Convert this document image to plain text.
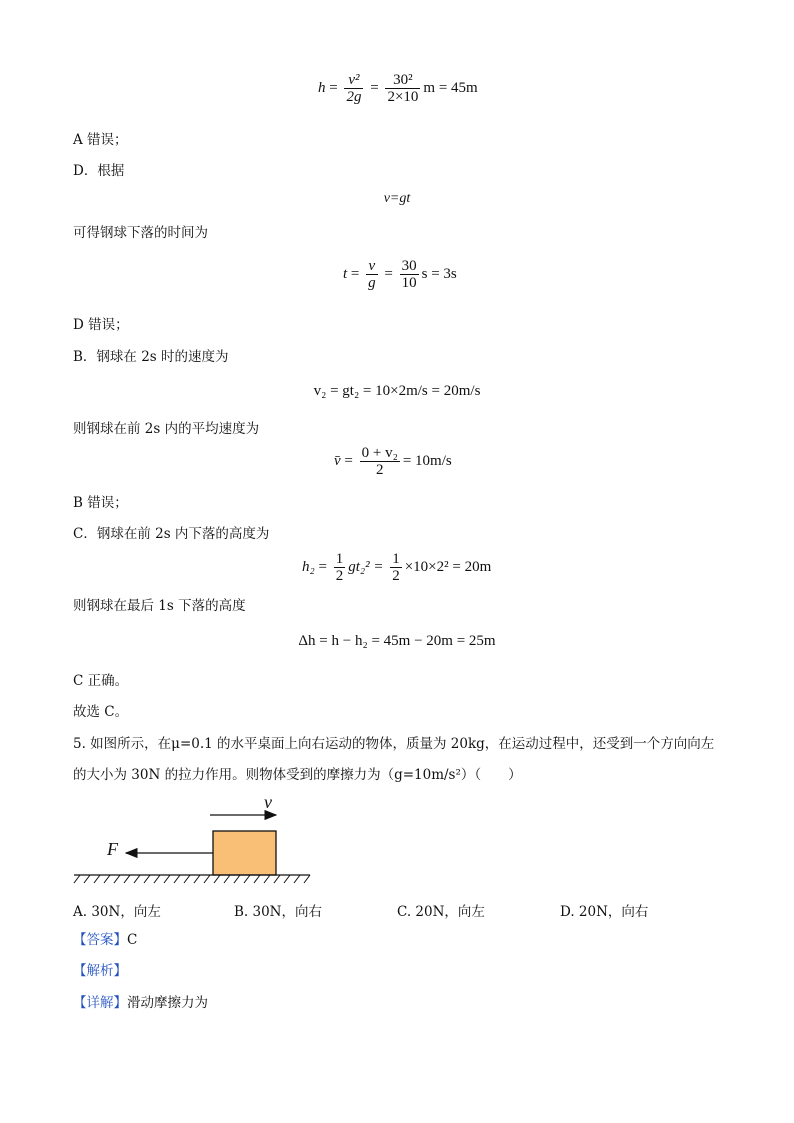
$h = \frac{\text{v²}}{2g} = \frac{\text{30²}}{2\times 10}$ m = 45m
A 错误；
D．根据
v=gt
可得钢球下落的时间为
$t = \frac{v}{g} = \frac{30}{10}$ s = 3s
D 错误；
B．钢球在 2s 时的速度为
v₂ = gt₂ = 10×2m/s = 20m/s
则钢球在前 2s 内的平均速度为
v̄ = $\frac{\text{0 + v₂}}{2} = 10m/s$
B 错误；
C．钢球在前 2s 内下落的高度为
$h_2 = \frac{1}{2} gt_2^2 = \frac{1}{2} \times 10\times 2^2 = 20m$
则钢球在最后 1s 下落的高度
Δh = h − h₂ = 45m − 20m = 25m
C 正确。
故选 C。
5. 如图所示，在μ=0.1 的水平桌面上向右运动的物体，质量为 20kg，在运动过程中，还受到一个方向向左
的大小为 30N 的拉力作用。则物体受到的摩擦力为（g=10m/s²）（　　）
v
F
A. 30N，向左	B. 30N，向右	C. 20N，向左	D. 20N，向右
【答案】C
【解析】
【详解】滑动摩擦力为
